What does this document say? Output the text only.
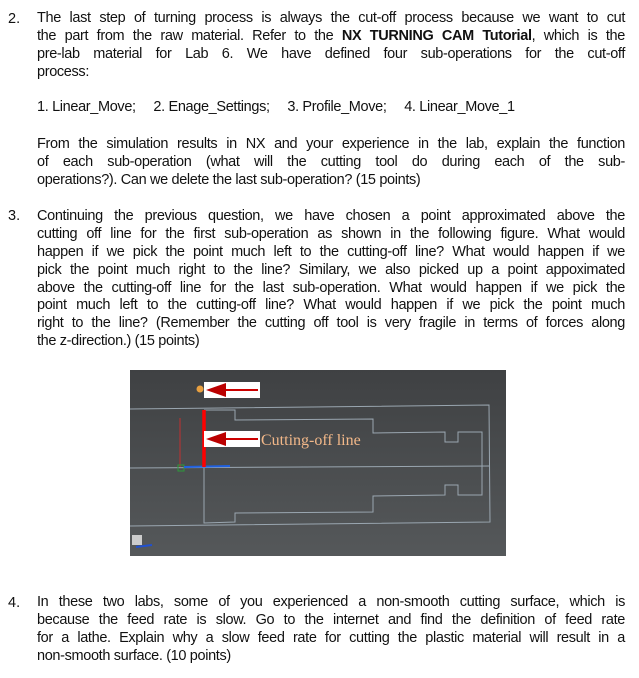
2. The last step of turning process is always the cut-off process because we want to cut
the part from the raw material. Refer to the NX TURNING CAM Tutorial, which is the
pre-lab material for Lab 6. We have defined four sub-operations for the cut-off
process:
1. Linear_Move; 2. Enage_Settings; 3. Profile_Move; 4. Linear_Move_1
From the simulation results in NX and your experience in the lab, explain the function
of each sub-operation (what will the cutting tool do during each of the sub-
operations?). Can we delete the last sub-operation? (15 points)
3. Continuing the previous question, we have chosen a point approximated above the
cutting off line for the first sub-operation as shown in the following figure. What would
happen if we pick the point much left to the cutting-off line? What would happen if we
pick the point much right to the line? Similary, we also picked up a point appoximated
above the cutting-off line for the last sub-operation. What would happen if we pick the
point much left to the cutting-off line? What would happen if we pick the point much
right to the line? (Remember the cutting off tool is very fragile in terms of forces along
the z-direction.) (15 points)
Cutting-off line
4. In these two labs, some of you experienced a non-smooth cutting surface, which is
because the feed rate is slow. Go to the internet and find the definition of feed rate
for a lathe. Explain why a slow feed rate for cutting the plastic material will result in a
non-smooth surface. (10 points)
